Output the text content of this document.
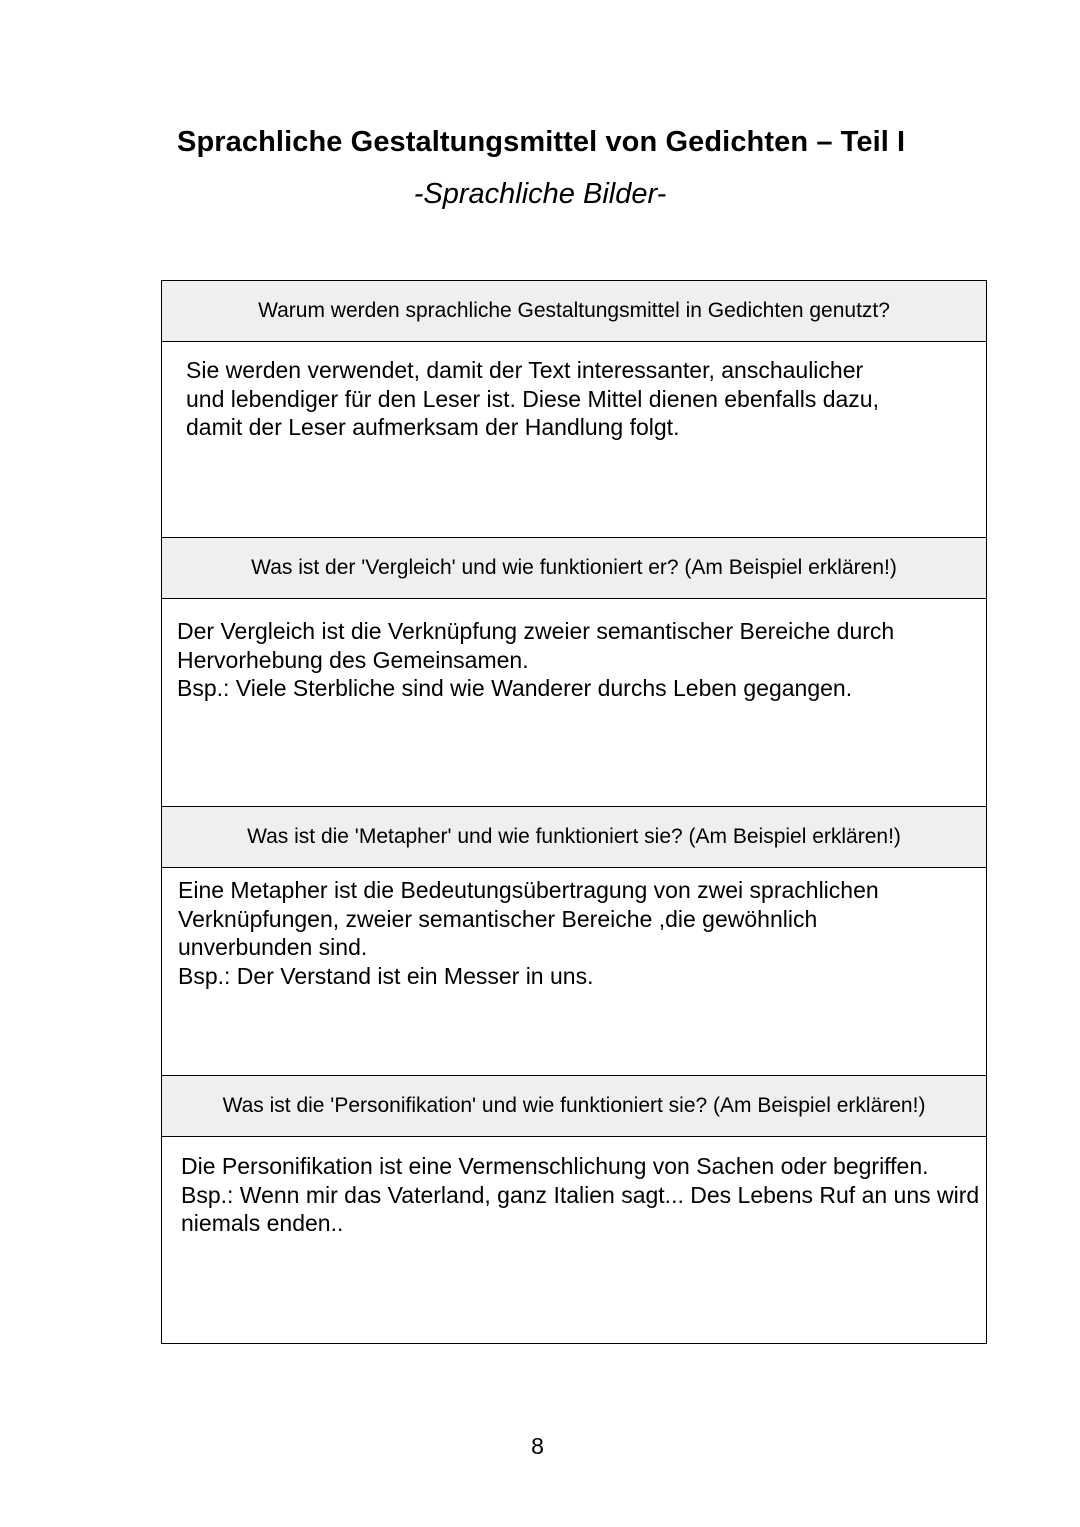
Sprachliche Gestaltungsmittel von Gedichten – Teil I
-Sprachliche Bilder-
Warum werden sprachliche Gestaltungsmittel in Gedichten genutzt?
Sie werden verwendet, damit der Text interessanter, anschaulicher
und lebendiger für den Leser ist. Diese Mittel dienen ebenfalls dazu,
damit der Leser aufmerksam der Handlung folgt.
Was ist der 'Vergleich' und wie funktioniert er? (Am Beispiel erklären!)
Der Vergleich ist die Verknüpfung zweier semantischer Bereiche durch
Hervorhebung des Gemeinsamen.
Bsp.: Viele Sterbliche sind wie Wanderer durchs Leben gegangen.
Was ist die 'Metapher' und wie funktioniert sie? (Am Beispiel erklären!)
Eine Metapher ist die Bedeutungsübertragung von zwei sprachlichen
Verknüpfungen, zweier semantischer Bereiche ,die gewöhnlich
unverbunden sind.
Bsp.: Der Verstand ist ein Messer in uns.
Was ist die 'Personifikation' und wie funktioniert sie? (Am Beispiel erklären!)
Die Personifikation ist eine Vermenschlichung von Sachen oder begriffen.
Bsp.: Wenn mir das Vaterland, ganz Italien sagt... Des Lebens Ruf an uns wird
niemals enden..
8
